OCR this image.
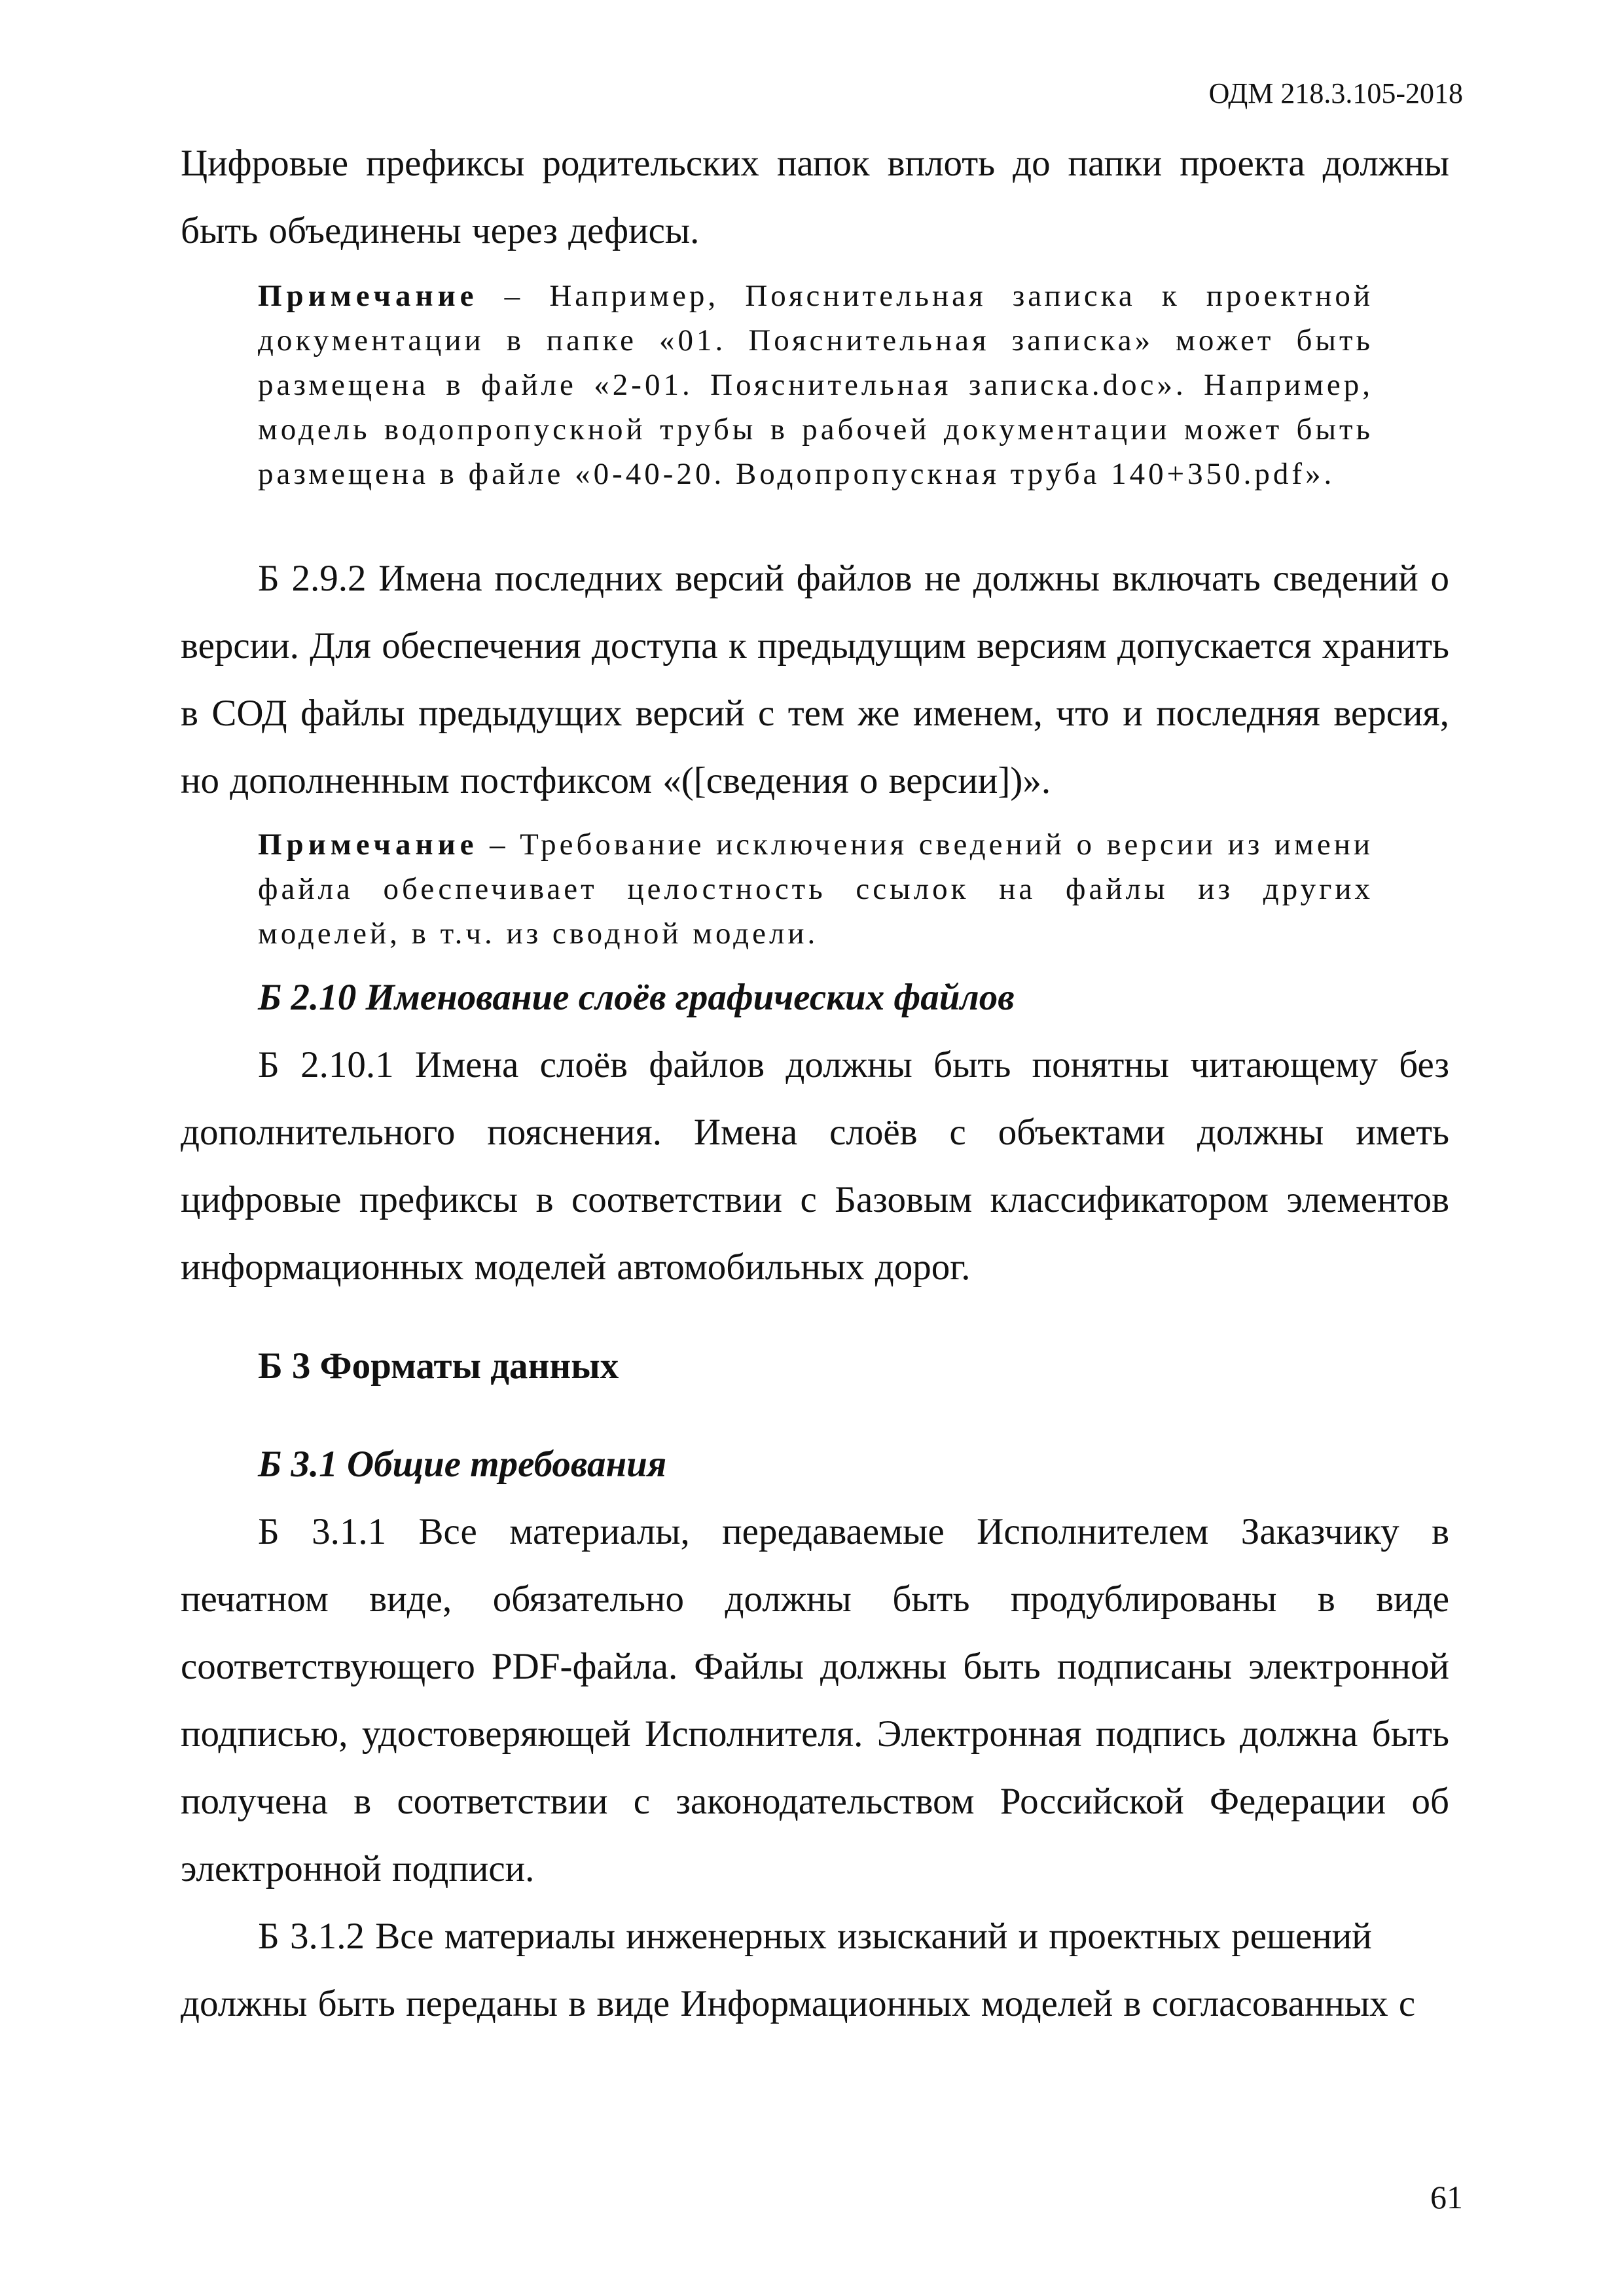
ОДМ 218.3.105-2018

Цифровые префиксы родительских папок вплоть до папки проекта должны быть объединены через дефисы.

Примечание – Например, Пояснительная записка к проектной документации в папке «01. Пояснительная записка» может быть размещена в файле «2-01. Пояснительная записка.doc». Например, модель водопропускной трубы в рабочей документации может быть размещена в файле «0-40-20. Водопропускная труба 140+350.pdf».

Б 2.9.2 Имена последних версий файлов не должны включать сведений о версии. Для обеспечения доступа к предыдущим версиям допускается хранить в СОД файлы предыдущих версий с тем же именем, что и последняя версия, но дополненным постфиксом «([сведения о версии])».

Примечание – Требование исключения сведений о версии из имени файла обеспечивает целостность ссылок на файлы из других моделей, в т.ч. из сводной модели.

Б 2.10 Именование слоёв графических файлов

Б 2.10.1 Имена слоёв файлов должны быть понятны читающему без дополнительного пояснения. Имена слоёв с объектами должны иметь цифровые префиксы в соответствии с Базовым классификатором элементов информационных моделей автомобильных дорог.

Б 3 Форматы данных
Б 3.1 Общие требования

Б 3.1.1 Все материалы, передаваемые Исполнителем Заказчику в печатном виде, обязательно должны быть продублированы в виде соответствующего PDF-файла. Файлы должны быть подписаны электронной подписью, удостоверяющей Исполнителя. Электронная подпись должна быть получена в соответствии с законодательством Российской Федерации об электронной подписи.

Б 3.1.2 Все материалы инженерных изысканий и проектных решений должны быть переданы в виде Информационных моделей в согласованных с

61
